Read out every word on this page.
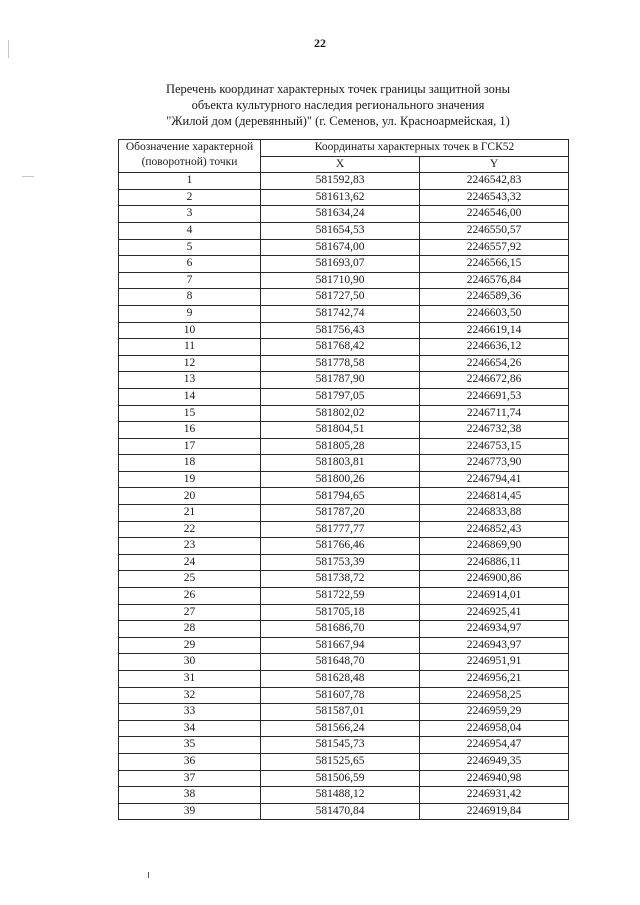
22
Перечень координат характерных точек границы защитной зоны
объекта культурного наследия регионального значения
"Жилой дом (деревянный)" (г. Семенов, ул. Красноармейская, 1)
Обозначение характерной (поворотной) точки	Координаты характерных точек в ГСК52	
	X	Y
1	581592,83	2246542,83
2	581613,62	2246543,32
3	581634,24	2246546,00
4	581654,53	2246550,57
5	581674,00	2246557,92
6	581693,07	2246566,15
7	581710,90	2246576,84
8	581727,50	2246589,36
9	581742,74	2246603,50
10	581756,43	2246619,14
11	581768,42	2246636,12
12	581778,58	2246654,26
13	581787,90	2246672,86
14	581797,05	2246691,53
15	581802,02	2246711,74
16	581804,51	2246732,38
17	581805,28	2246753,15
18	581803,81	2246773,90
19	581800,26	2246794,41
20	581794,65	2246814,45
21	581787,20	2246833,88
22	581777,77	2246852,43
23	581766,46	2246869,90
24	581753,39	2246886,11
25	581738,72	2246900,86
26	581722,59	2246914,01
27	581705,18	2246925,41
28	581686,70	2246934,97
29	581667,94	2246943,97
30	581648,70	2246951,91
31	581628,48	2246956,21
32	581607,78	2246958,25
33	581587,01	2246959,29
34	581566,24	2246958,04
35	581545,73	2246954,47
36	581525,65	2246949,35
37	581506,59	2246940,98
38	581488,12	2246931,42
39	581470,84	2246919,84
